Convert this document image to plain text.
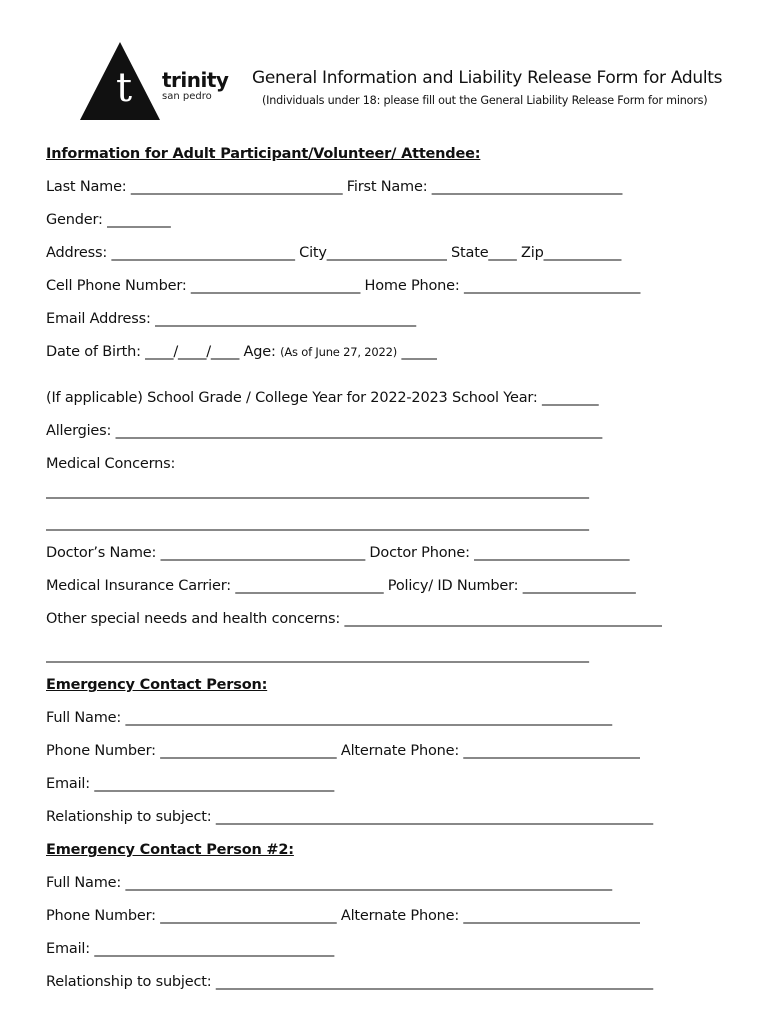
t trinity
san pedro
General Information and Liability Release Form for Adults
(Individuals under 18: please fill out the General Liability Release Form for minors)
Information for Adult Participant/Volunteer/ Attendee:
Last Name: ______________________________ First Name: ___________________________
Gender: _________
Address: __________________________ City_________________ State____ Zip___________
Cell Phone Number: ________________________ Home Phone: _________________________
Email Address: _____________________________________
Date of Birth: ____/____/____ Age: (As of June 27, 2022) _____
(If applicable) School Grade / College Year for 2022-2023 School Year: ________
Allergies: _____________________________________________________________________
Medical Concerns:
_____________________________________________________________________________
_____________________________________________________________________________
Doctor’s Name: _____________________________ Doctor Phone: ______________________
Medical Insurance Carrier: _____________________ Policy/ ID Number: ________________
Other special needs and health concerns: _____________________________________________
_____________________________________________________________________________
Emergency Contact Person:
Full Name: _____________________________________________________________________
Phone Number: _________________________ Alternate Phone: _________________________
Email: __________________________________
Relationship to subject: ______________________________________________________________
Emergency Contact Person #2:
Full Name: _____________________________________________________________________
Phone Number: _________________________ Alternate Phone: _________________________
Email: __________________________________
Relationship to subject: ______________________________________________________________
